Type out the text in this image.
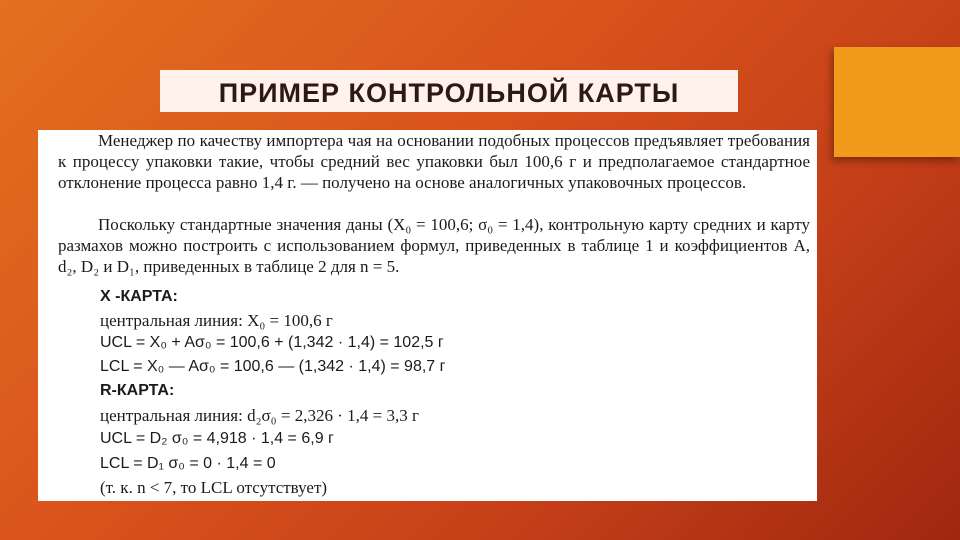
ПРИМЕР КОНТРОЛЬНОЙ КАРТЫ

Менеджер по качеству импортера чая на основании подобных процессов предъявляет требования к процессу упаковки такие, чтобы средний вес упаковки был 100,6 г и предполагаемое стандартное отклонение процесса равно 1,4 г. — получено на основе аналогичных упаковочных процессов.

Поскольку стандартные значения даны (X₀ = 100,6; σ₀ = 1,4), контрольную карту средних и карту размахов можно построить с использованием формул, приведенных в таблице 1 и коэффициентов A, d₂, D₂ и D₁, приведенных в таблице 2 для n = 5.

X -КАРТА:

центральная линия: X₀ = 100,6 г

UCL = X₀ + Aσ₀ = 100,6 + (1,342 · 1,4) = 102,5 г

LCL = X₀ — Aσ₀ = 100,6 — (1,342 · 1,4) = 98,7 г

R-КАРТА:

центральная линия: d₂σ₀ = 2,326 · 1,4 = 3,3 г

UCL = D₂ σ₀ = 4,918 · 1,4 = 6,9 г

LCL = D₁ σ₀ = 0 · 1,4 = 0

(т. к. n < 7, то LCL отсутствует)
